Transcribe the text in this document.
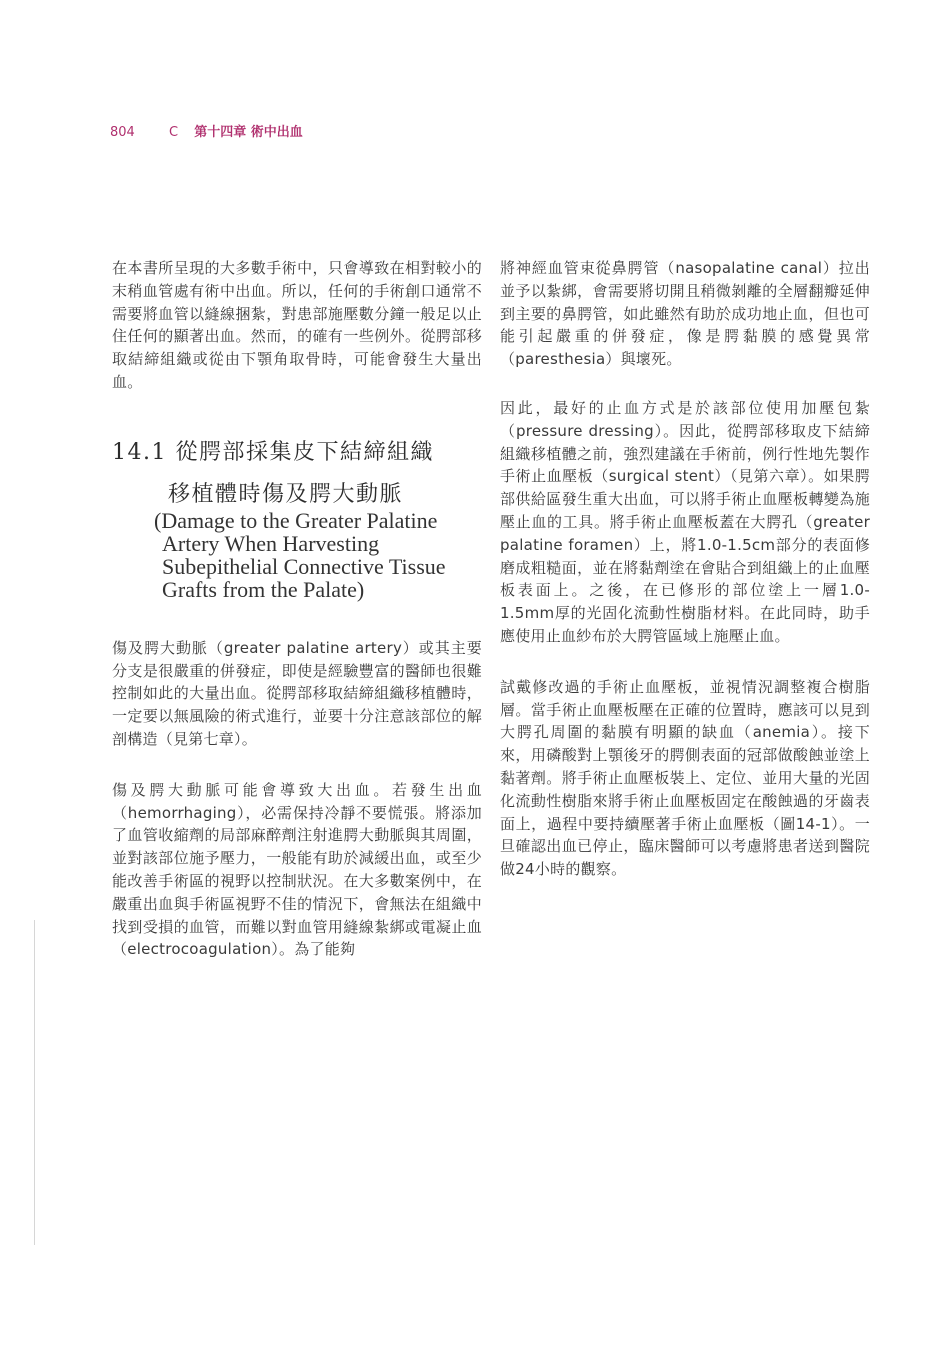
804	C 第十四章 術中出血

在本書所呈現的大多數手術中，只會導致在相對較小的末稍血管處有術中出血。所以，任何的手術創口通常不需要將血管以縫線捆紮，對患部施壓數分鐘一般足以止住任何的顯著出血。然而，的確有一些例外。從腭部移取結締組織或從由下顎角取骨時，可能會發生大量出血。

14.1 從腭部採集皮下結締組織
移植體時傷及腭大動脈
(Damage to the Greater Palatine
Artery When Harvesting
Subepithelial Connective Tissue
Grafts from the Palate)

傷及腭大動脈（greater palatine artery）或其主要分支是很嚴重的併發症，即使是經驗豐富的醫師也很難控制如此的大量出血。從腭部移取結締組織移植體時，一定要以無風險的術式進行，並要十分注意該部位的解剖構造（見第七章）。

傷及腭大動脈可能會導致大出血。若發生出血（hemorrhaging），必需保持冷靜不要慌張。將添加了血管收縮劑的局部麻醉劑注射進腭大動脈與其周圍，並對該部位施予壓力，一般能有助於減緩出血，或至少能改善手術區的視野以控制狀況。在大多數案例中，在嚴重出血與手術區視野不佳的情況下，會無法在組織中找到受損的血管，而難以對血管用縫線紮綁或電凝止血（electrocoagulation）。為了能夠

將神經血管束從鼻腭管（nasopalatine canal）拉出並予以紮綁，會需要將切開且稍微剝離的全層翻瓣延伸到主要的鼻腭管，如此雖然有助於成功地止血，但也可能引起嚴重的併發症，像是腭黏膜的感覺異常（paresthesia）與壞死。

因此，最好的止血方式是於該部位使用加壓包紮（pressure dressing）。因此，從腭部移取皮下結締組織移植體之前，強烈建議在手術前，例行性地先製作手術止血壓板（surgical stent）（見第六章）。如果腭部供給區發生重大出血，可以將手術止血壓板轉變為施壓止血的工具。將手術止血壓板蓋在大腭孔（greater palatine foramen）上，將1.0-1.5cm部分的表面修磨成粗糙面，並在將黏劑塗在會貼合到組織上的止血壓板表面上。之後，在已修形的部位塗上一層1.0-1.5mm厚的光固化流動性樹脂材料。在此同時，助手應使用止血紗布於大腭管區域上施壓止血。

試戴修改過的手術止血壓板，並視情況調整複合樹脂層。當手術止血壓板壓在正確的位置時，應該可以見到大腭孔周圍的黏膜有明顯的缺血（anemia）。接下來，用磷酸對上顎後牙的腭側表面的冠部做酸蝕並塗上黏著劑。將手術止血壓板裝上、定位、並用大量的光固化流動性樹脂來將手術止血壓板固定在酸蝕過的牙齒表面上，過程中要持續壓著手術止血壓板（圖14-1）。一旦確認出血已停止，臨床醫師可以考慮將患者送到醫院做24小時的觀察。
